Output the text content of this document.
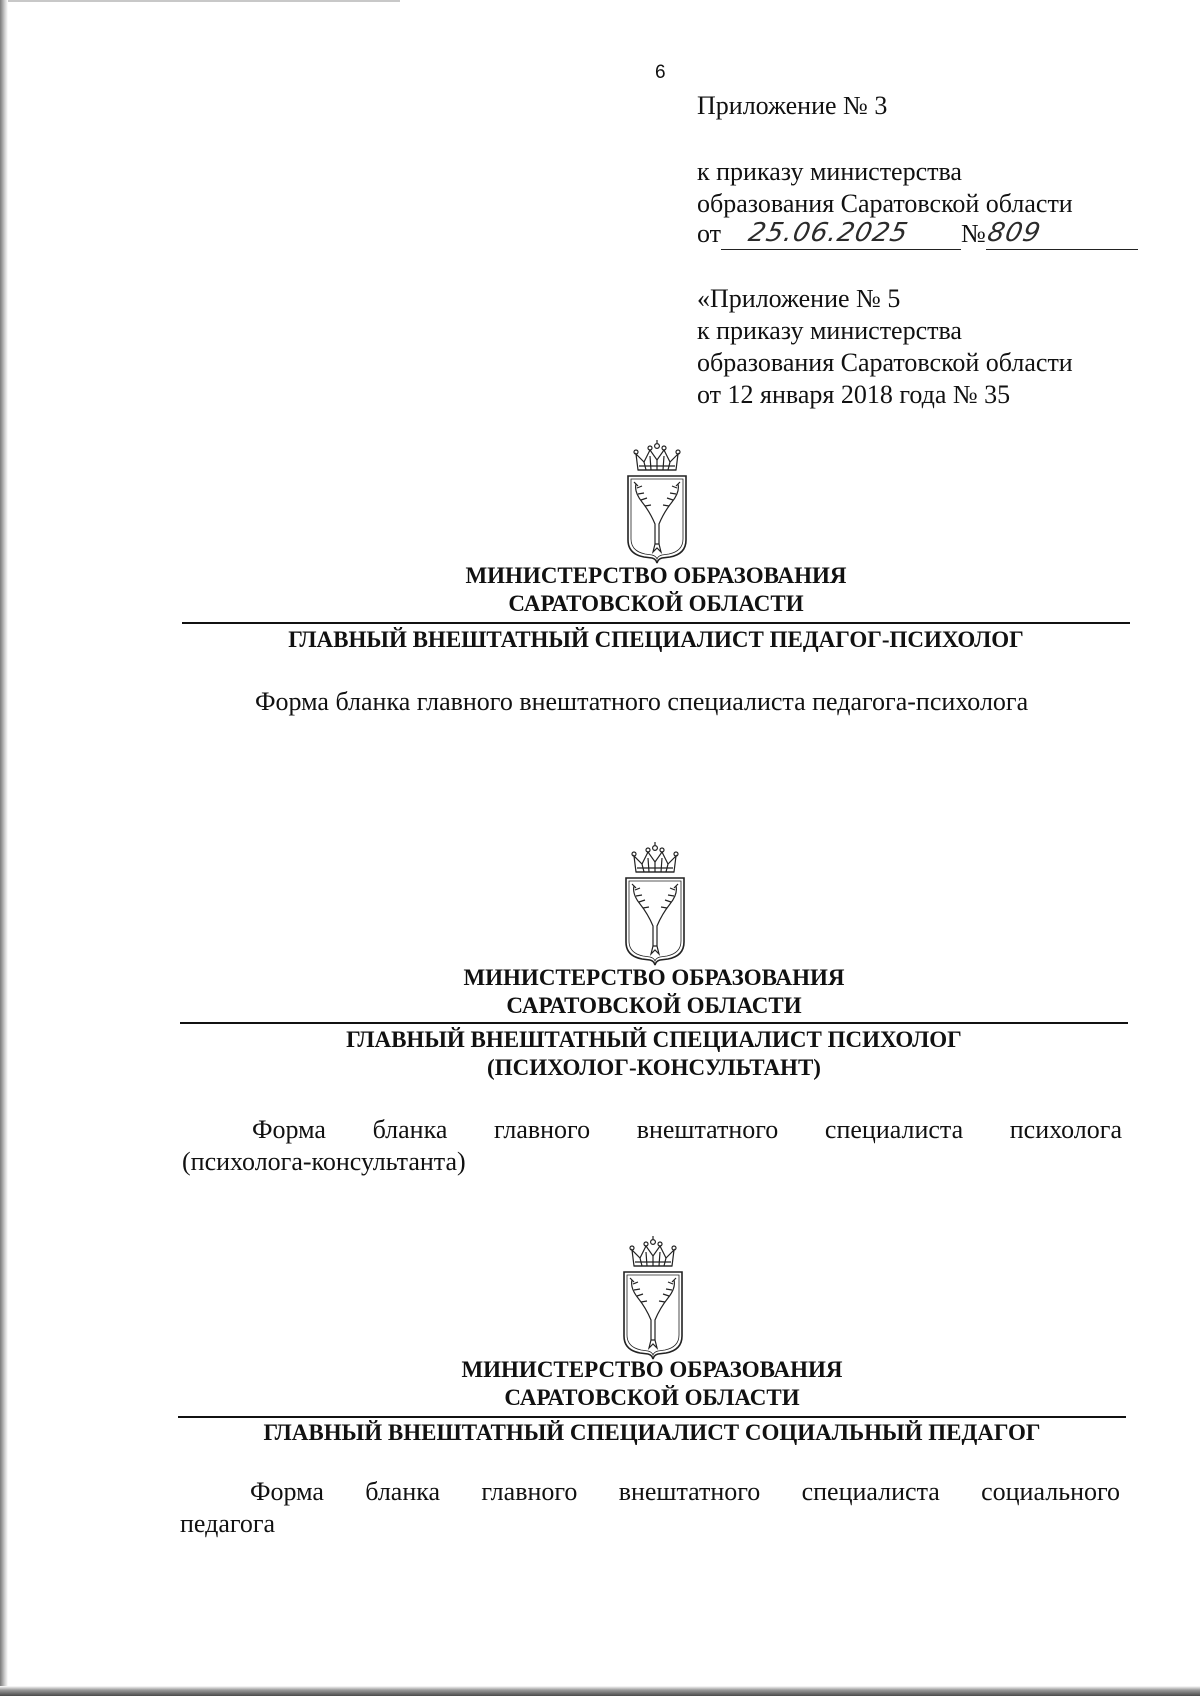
6
Приложение № 3
к приказу министерства
образования Саратовской области
от 25.06.2025 №
809
«Приложение № 5
к приказу министерства
образования Саратовской области
от 12 января 2018 года № 35
МИНИСТЕРСТВО ОБРАЗОВАНИЯ
САРАТОВСКОЙ ОБЛАСТИ
ГЛАВНЫЙ ВНЕШТАТНЫЙ СПЕЦИАЛИСТ ПЕДАГОГ-ПСИХОЛОГ
Форма бланка главного внештатного специалиста педагога-психолога
МИНИСТЕРСТВО ОБРАЗОВАНИЯ
САРАТОВСКОЙ ОБЛАСТИ
ГЛАВНЫЙ ВНЕШТАТНЫЙ СПЕЦИАЛИСТ ПСИХОЛОГ
(ПСИХОЛОГ-КОНСУЛЬТАНТ)
Форма бланка главного внештатного специалиста психолога
(психолога-консультанта)
МИНИСТЕРСТВО ОБРАЗОВАНИЯ
САРАТОВСКОЙ ОБЛАСТИ
ГЛАВНЫЙ ВНЕШТАТНЫЙ СПЕЦИАЛИСТ СОЦИАЛЬНЫЙ ПЕДАГОГ
Форма бланка главного внештатного специалиста социального
педагога
